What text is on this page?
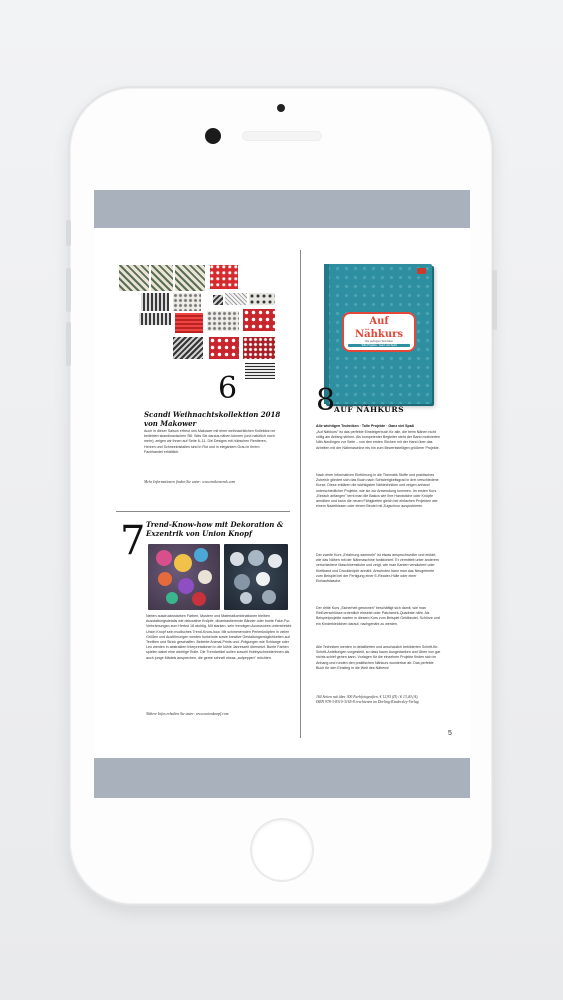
6
Scandi Weihnachtskollektion 2018 von Makower
Auch in dieser Saison erfreut uns Makower mit einer weihnachtlichen Kollektion im beliebten skandinavischen Stil. Was Sie daraus nähen können (und natürlich noch mehr), zeigen wir Ihnen auf Seite 6–11. Die Designs mit hübschen Rentieren, Herzen und Schneekristallen sind in Rot und in elegantem Grau in Ihrem Fachhandel erhältlich.
Mehr Informationen finden Sie unter: www.makoweruk.com
7 Trend-Know-how mit Dekoration & Exzentrik von Union Knopf
Neben ausdrucksstarken Farben, Mustern und Materialkombinationen bleiben Ausstattungsdetails wie dekorative Knöpfe, dicantrastierende Bänder oder bunte Fake-Fur-Verbrämungen zum Herbst 18 wichtig. Mit starken, sehr trendigen Accessoires unterstreicht Union Knopf sein modisches Trend-Know-how. Mit schimmernden Perlenknöpfen in vielen Größen und Ausführungen werden funkelnde sowie kreative Gestaltungsmöglichkeiten auf Textilien und Strick geschaffen. Beliebte Animal-Prints und -Prägungen wie Schlange oder Leo werden in abstrakten Interpretationen in die kühle Jahreszeit übersetzt. Bunte Farben spielen dabei eine wichtige Rolle. Die Trendartikel sollen sowohl Hobbyschneiderinnen als auch junge Mädels ansprechen, die gerne schnell etwas „aufpeppen" möchten.
Nähere Infos erhalten Sie unter: www.unionknopf.com
Auf
Nähkurs
Alle wichtigen Techniken
Tolle Projekte · Ganz viel Spaß
8
AUF NÄHKURS
Alle wichtigen Techniken · Tolle Projekte · Ganz viel Spaß
„Auf Nähkurs" ist das perfekte Einsteigerbuch für alle, die beim Nähen nicht völlig am Anfang stehen. Als kompetenter Begleiter steht der Band motivierten Näh-Neulingen zur Seite – von den ersten Stichen mit der Hand über das Arbeiten mit der Nähmaschine bis hin zum Bewerkstelligen größerer Projekte.
Nach einer informativen Einführung in die Thematik Stoffe und praktisches Zubehör gliedert sich das Buch nach Schwierigkeitsgrad in drei verschiedene Kurse. Diese erklären die wichtigsten Nähtechniken und zeigen anhand unterschiedlicher Projekte, wie sie zur Anwendung kommen. Im ersten Kurs „Einfach anfangen" lernt man die Basics wie Ihre Handstiche oder Knöpfe annähen und kann die neuen Fähigkeiten gleich bei einfachen Projekten wie einem Nadelkissen oder einem Beutel mit Zugschnur ausprobieren.
Der zweite Kurs „Erfahrung sammeln" ist etwas anspruchsvoller und erklärt, wie das Nähen mit der Nähmaschine funktioniert. Er vermittelt unter anderem verschiedene Maschinenstiche und zeigt, wie man Kanten versäubert oder Klettband und Druckknöpfe annäht. Anwenden kann man das Neugelernte zum Beispiel bei der Fertigung einer E-Reader-Hülle oder einer Einkaufstasche.
Der dritte Kurs „Sicherheit gewinnen" beschäftigt sich damit, wie man Reißverschlüsse ordentlich einsetzt oder Patchwork-Quadrate näht. Als Beispielprojekte warten in diesem Kurs zum Beispiel Geldbeutel, Schürze und ein Kinderkleidchen darauf, nachgenäht zu werden.
Alle Techniken werden in detaillierten und anschaulich bebilderten Schritt-für-Schritt-Anleitungen vorgestellt, so dass kaum Ausgedanken und Üben von gar nichts schief gehen kann. Vorlagen für die einzelnen Projekte finden sich im Anhang und runden den praktischen Nähkurs wunderbar ab. Das perfekte Buch für den Einstieg in die Welt des Nähens!
160 Seiten mit über 300 Farbfotografien, € 12,95 (D) / € 13,40 (A), ISBN 978-3-8310-3165-8 erschienen im Dorling-Kindersley-Verlag
5
